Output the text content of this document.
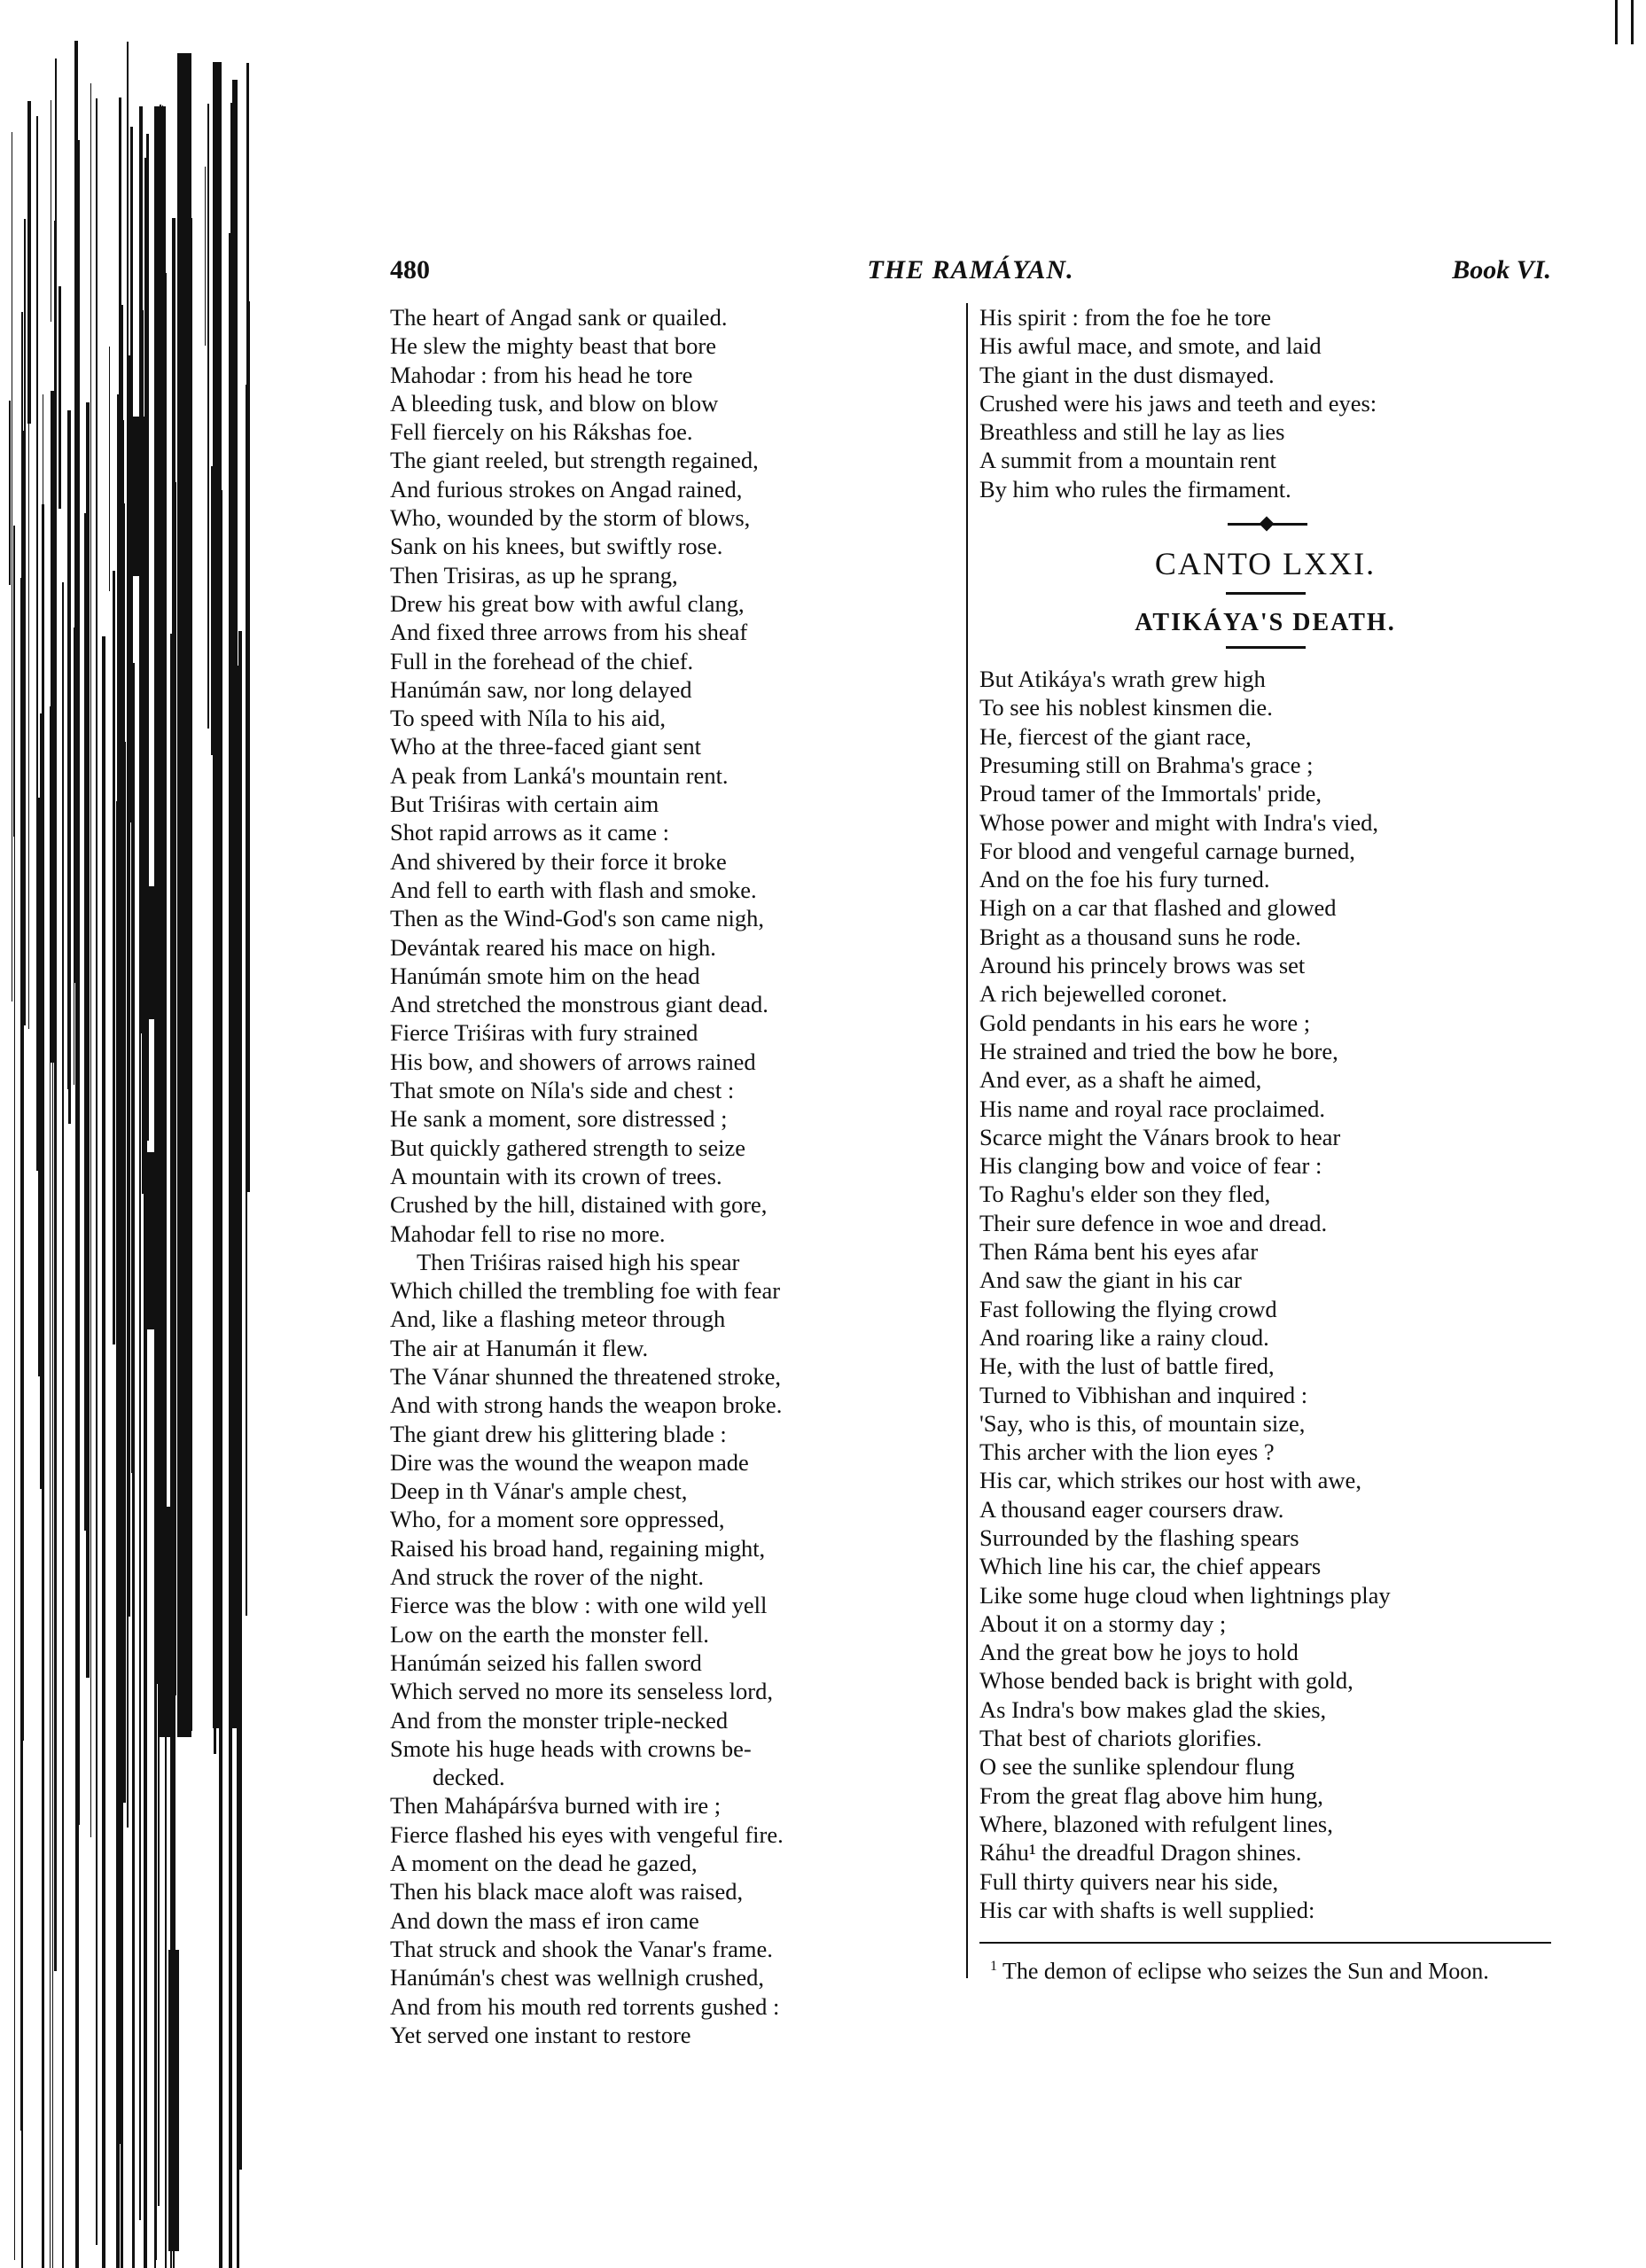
480	THE RAMÁYAN.	Book VI.
The heart of Angad sank or quailed.
He slew the mighty beast that bore
Mahodar : from his head he tore
A bleeding tusk, and blow on blow
Fell fiercely on his Rákshas foe.
The giant reeled, but strength regained,
And furious strokes on Angad rained,
Who, wounded by the storm of blows,
Sank on his knees, but swiftly rose.
Then Trisiras, as up he sprang,
Drew his great bow with awful clang,
And fixed three arrows from his sheaf
Full in the forehead of the chief.
Hanúmán saw, nor long delayed
To speed with Níla to his aid,
Who at the three-faced giant sent
A peak from Lanká's mountain rent.
But Triśiras with certain aim
Shot rapid arrows as it came :
And shivered by their force it broke
And fell to earth with flash and smoke.
Then as the Wind-God's son came nigh,
Devántak reared his mace on high.
Hanúmán smote him on the head
And stretched the monstrous giant dead.
Fierce Triśiras with fury strained
His bow, and showers of arrows rained
That smote on Níla's side and chest :
He sank a moment, sore distressed ;
But quickly gathered strength to seize
A mountain with its crown of trees.
Crushed by the hill, distained with gore,
Mahodar fell to rise no more.
Then Triśiras raised high his spear
Which chilled the trembling foe with fear
And, like a flashing meteor through
The air at Hanumán it flew.
The Vánar shunned the threatened stroke,
And with strong hands the weapon broke.
The giant drew his glittering blade :
Dire was the wound the weapon made
Deep in th Vánar's ample chest,
Who, for a moment sore oppressed,
Raised his broad hand, regaining might,
And struck the rover of the night.
Fierce was the blow : with one wild yell
Low on the earth the monster fell.
Hanúmán seized his fallen sword
Which served no more its senseless lord,
And from the monster triple-necked
Smote his huge heads with crowns be-
decked.
Then Mahápárśva burned with ire ;
Fierce flashed his eyes with vengeful fire.
A moment on the dead he gazed,
Then his black mace aloft was raised,
And down the mass ef iron came
That struck and shook the Vanar's frame.
Hanúmán's chest was wellnigh crushed,
And from his mouth red torrents gushed :
Yet served one instant to restore
His spirit : from the foe he tore
His awful mace, and smote, and laid
The giant in the dust dismayed.
Crushed were his jaws and teeth and eyes:
Breathless and still he lay as lies
A summit from a mountain rent
By him who rules the firmament.
CANTO LXXI.
ATIKÁYA'S DEATH.
But Atikáya's wrath grew high
To see his noblest kinsmen die.
He, fiercest of the giant race,
Presuming still on Brahma's grace ;
Proud tamer of the Immortals' pride,
Whose power and might with Indra's vied,
For blood and vengeful carnage burned,
And on the foe his fury turned.
High on a car that flashed and glowed
Bright as a thousand suns he rode.
Around his princely brows was set
A rich bejewelled coronet.
Gold pendants in his ears he wore ;
He strained and tried the bow he bore,
And ever, as a shaft he aimed,
His name and royal race proclaimed.
Scarce might the Vánars brook to hear
His clanging bow and voice of fear :
To Raghu's elder son they fled,
Their sure defence in woe and dread.
Then Ráma bent his eyes afar
And saw the giant in his car
Fast following the flying crowd
And roaring like a rainy cloud.
He, with the lust of battle fired,
Turned to Vibhishan and inquired :
'Say, who is this, of mountain size,
This archer with the lion eyes ?
His car, which strikes our host with awe,
A thousand eager coursers draw.
Surrounded by the flashing spears
Which line his car, the chief appears
Like some huge cloud when lightnings play
About it on a stormy day ;
And the great bow he joys to hold
Whose bended back is bright with gold,
As Indra's bow makes glad the skies,
That best of chariots glorifies.
O see the sunlike splendour flung
From the great flag above him hung,
Where, blazoned with refulgent lines,
Ráhu¹ the dreadful Dragon shines.
Full thirty quivers near his side,
His car with shafts is well supplied:
$^1$ The demon of eclipse who seizes the Sun and Moon.
